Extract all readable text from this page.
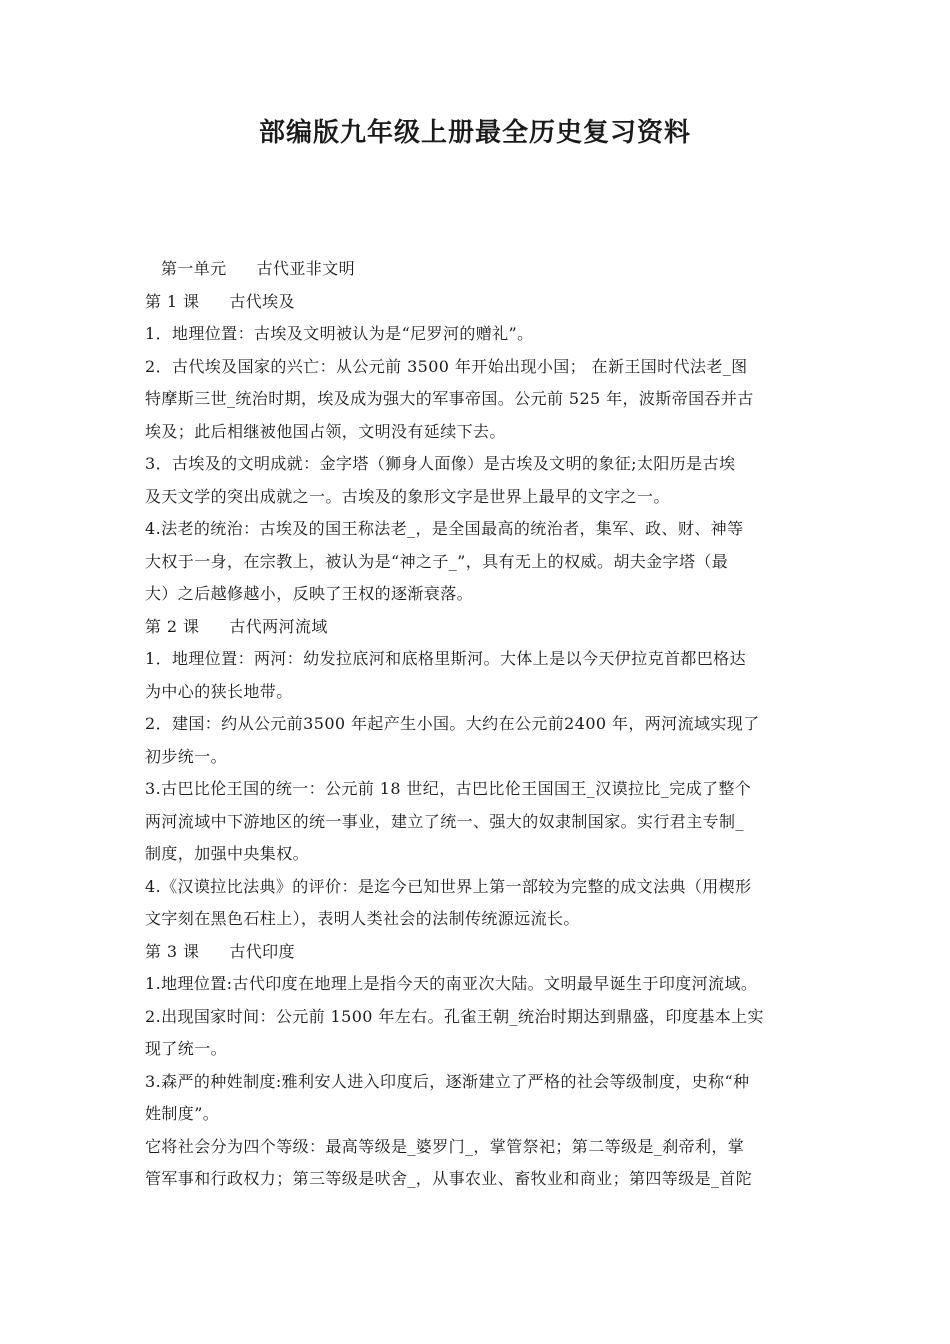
部编版九年级上册最全历史复习资料
第一单元 古代亚非文明
第 1 课 古代埃及
1．地理位置：古埃及文明被认为是“尼罗河的赠礼”。
2．古代埃及国家的兴亡：从公元前 3500 年开始出现小国； 在新王国时代法老_图
特摩斯三世_统治时期，埃及成为强大的军事帝国。公元前 525 年，波斯帝国吞并古
埃及；此后相继被他国占领，文明没有延续下去。
3．古埃及的文明成就：金字塔（狮身人面像）是古埃及文明的象征;太阳历是古埃
及天文学的突出成就之一。古埃及的象形文字是世界上最早的文字之一。
4.法老的统治：古埃及的国王称法老_，是全国最高的统治者，集军、政、财、神等
大权于一身，在宗教上，被认为是“神之子_”，具有无上的权威。胡夫金字塔（最
大）之后越修越小，反映了王权的逐渐衰落。
第 2 课 古代两河流域
1．地理位置：两河：幼发拉底河和底格里斯河。大体上是以今天伊拉克首都巴格达
为中心的狭长地带。
2．建国：约从公元前3500 年起产生小国。大约在公元前2400 年，两河流域实现了
初步统一。
3.古巴比伦王国的统一：公元前 18 世纪，古巴比伦王国国王_汉谟拉比_完成了整个
两河流域中下游地区的统一事业，建立了统一、强大的奴隶制国家。实行君主专制_
制度，加强中央集权。
4.《汉谟拉比法典》的评价：是迄今已知世界上第一部较为完整的成文法典（用楔形
文字刻在黑色石柱上），表明人类社会的法制传统源远流长。
第 3 课 古代印度
1.地理位置:古代印度在地理上是指今天的南亚次大陆。文明最早诞生于印度河流域。
2.出现国家时间：公元前 1500 年左右。孔雀王朝_统治时期达到鼎盛，印度基本上实
现了统一。
3.森严的种姓制度:雅利安人进入印度后，逐渐建立了严格的社会等级制度，史称“种
姓制度”。
它将社会分为四个等级：最高等级是_婆罗门_，掌管祭祀；第二等级是_刹帝利，掌
管军事和行政权力；第三等级是吠舍_，从事农业、畜牧业和商业；第四等级是_首陀
